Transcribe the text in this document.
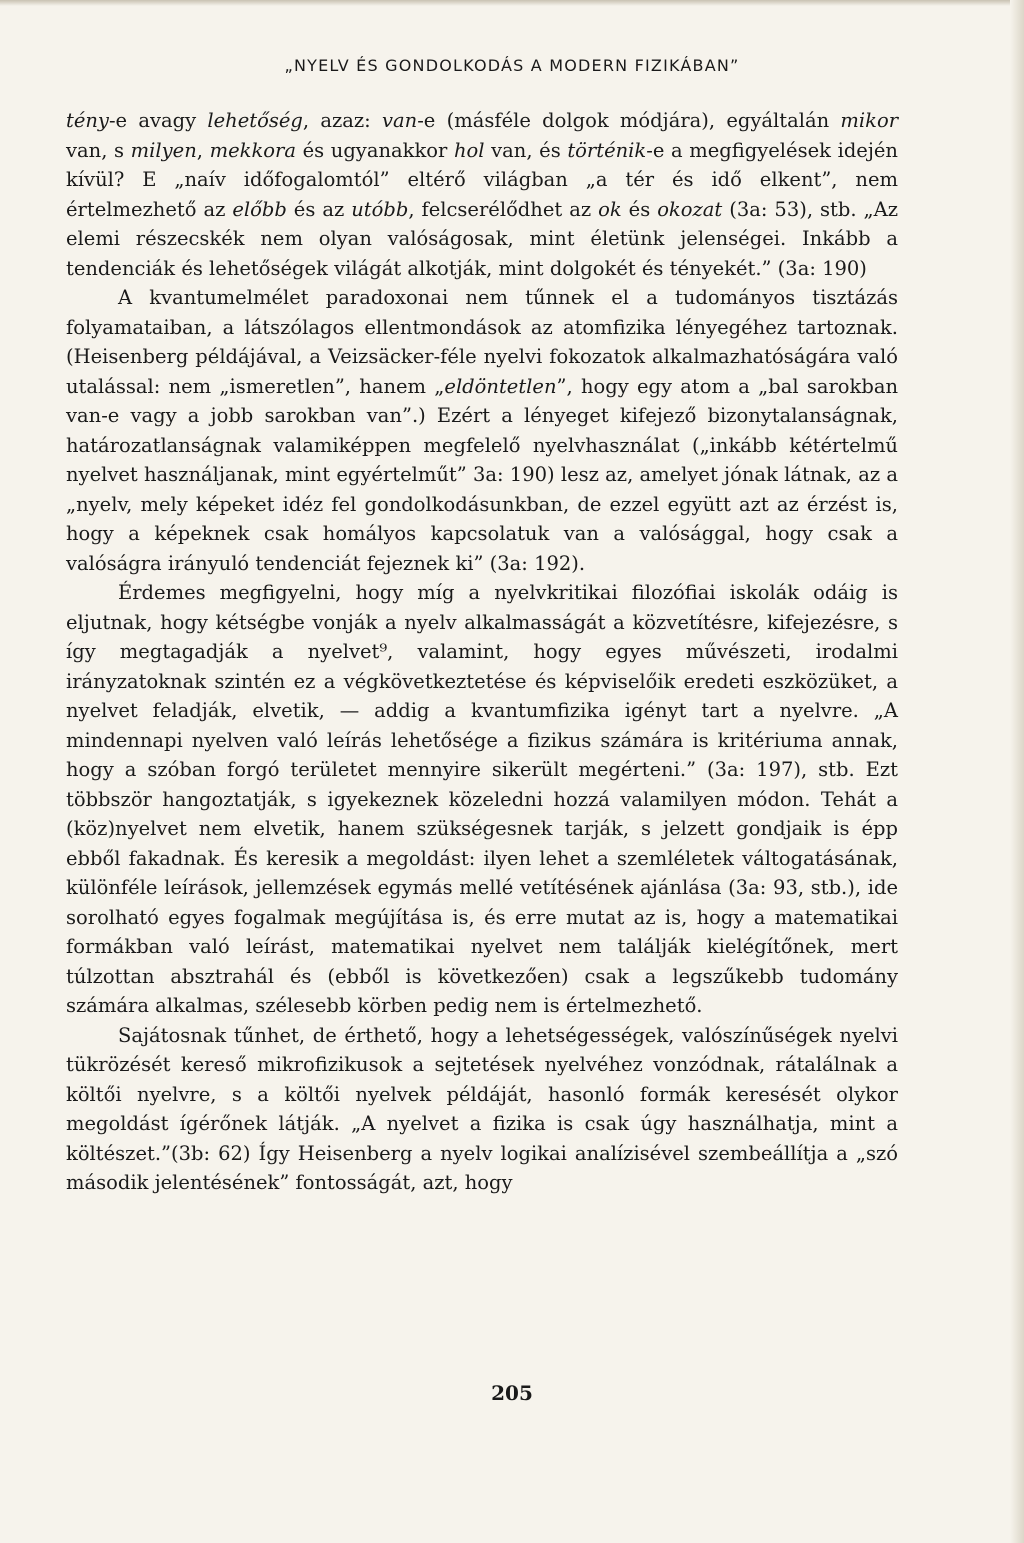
„NYELV ÉS GONDOLKODÁS A MODERN FIZIKÁBAN”

tény-e avagy lehetőség, azaz: van-e (másféle dolgok módjára), egyáltalán mikor van, s milyen, mekkora és ugyanakkor hol van, és történik-e a megfigyelések idején kívül? E „naív időfogalomtól” eltérő világban „a tér és idő elkent”, nem értelmezhető az előbb és az utóbb, felcserélődhet az ok és okozat (3a: 53), stb. „Az elemi részecskék nem olyan valóságosak, mint életünk jelenségei. Inkább a tendenciák és lehetőségek világát alkotják, mint dolgokét és tényekét.” (3a: 190)

A kvantumelmélet paradoxonai nem tűnnek el a tudományos tisztázás folyamataiban, a látszólagos ellentmondások az atomfizika lényegéhez tartoznak. (Heisenberg példájával, a Veizsäcker-féle nyelvi fokozatok alkalmazhatóságára való utalással: nem „ismeretlen”, hanem „eldöntetlen”, hogy egy atom a „bal sarokban van-e vagy a jobb sarokban van”.) Ezért a lényeget kifejező bizonytalanságnak, határozatlanságnak valamiképpen megfelelő nyelvhasználat („inkább kétértelmű nyelvet használjanak, mint egyértelműt” 3a: 190) lesz az, amelyet jónak látnak, az a „nyelv, mely képeket idéz fel gondolkodásunkban, de ezzel együtt azt az érzést is, hogy a képeknek csak homályos kapcsolatuk van a valósággal, hogy csak a valóságra irányuló tendenciát fejeznek ki” (3a: 192).

Érdemes megfigyelni, hogy míg a nyelvkritikai filozófiai iskolák odáig is eljutnak, hogy kétségbe vonják a nyelv alkalmasságát a közvetítésre, kifejezésre, s így megtagadják a nyelvet⁹, valamint, hogy egyes művészeti, irodalmi irányzatoknak szintén ez a végkövetkeztetése és képviselőik eredeti eszközüket, a nyelvet feladják, elvetik, — addig a kvantumfizika igényt tart a nyelvre. „A mindennapi nyelven való leírás lehetősége a fizikus számára is kritériuma annak, hogy a szóban forgó területet mennyire sikerült megérteni.” (3a: 197), stb. Ezt többször hangoztatják, s igyekeznek közeledni hozzá valamilyen módon. Tehát a (köz)nyelvet nem elvetik, hanem szükségesnek tarják, s jelzett gondjaik is épp ebből fakadnak. És keresik a megoldást: ilyen lehet a szemléletek váltogatásának, különféle leírások, jellemzések egymás mellé vetítésének ajánlása (3a: 93, stb.), ide sorolható egyes fogalmak megújítása is, és erre mutat az is, hogy a matematikai formákban való leírást, matematikai nyelvet nem találják kielégítőnek, mert túlzottan absztrahál és (ebből is következően) csak a legszűkebb tudomány számára alkalmas, szélesebb körben pedig nem is értelmezhető.

Sajátosnak tűnhet, de érthető, hogy a lehetségességek, valószínűségek nyelvi tükrözését kereső mikrofizikusok a sejtetések nyelvéhez vonzódnak, rátalálnak a költői nyelvre, s a költői nyelvek példáját, hasonló formák keresését olykor megoldást ígérőnek látják. „A nyelvet a fizika is csak úgy használhatja, mint a költészet.”(3b: 62) Így Heisenberg a nyelv logikai analízisével szembeállítja a „szó második jelentésének” fontosságát, azt, hogy

205
